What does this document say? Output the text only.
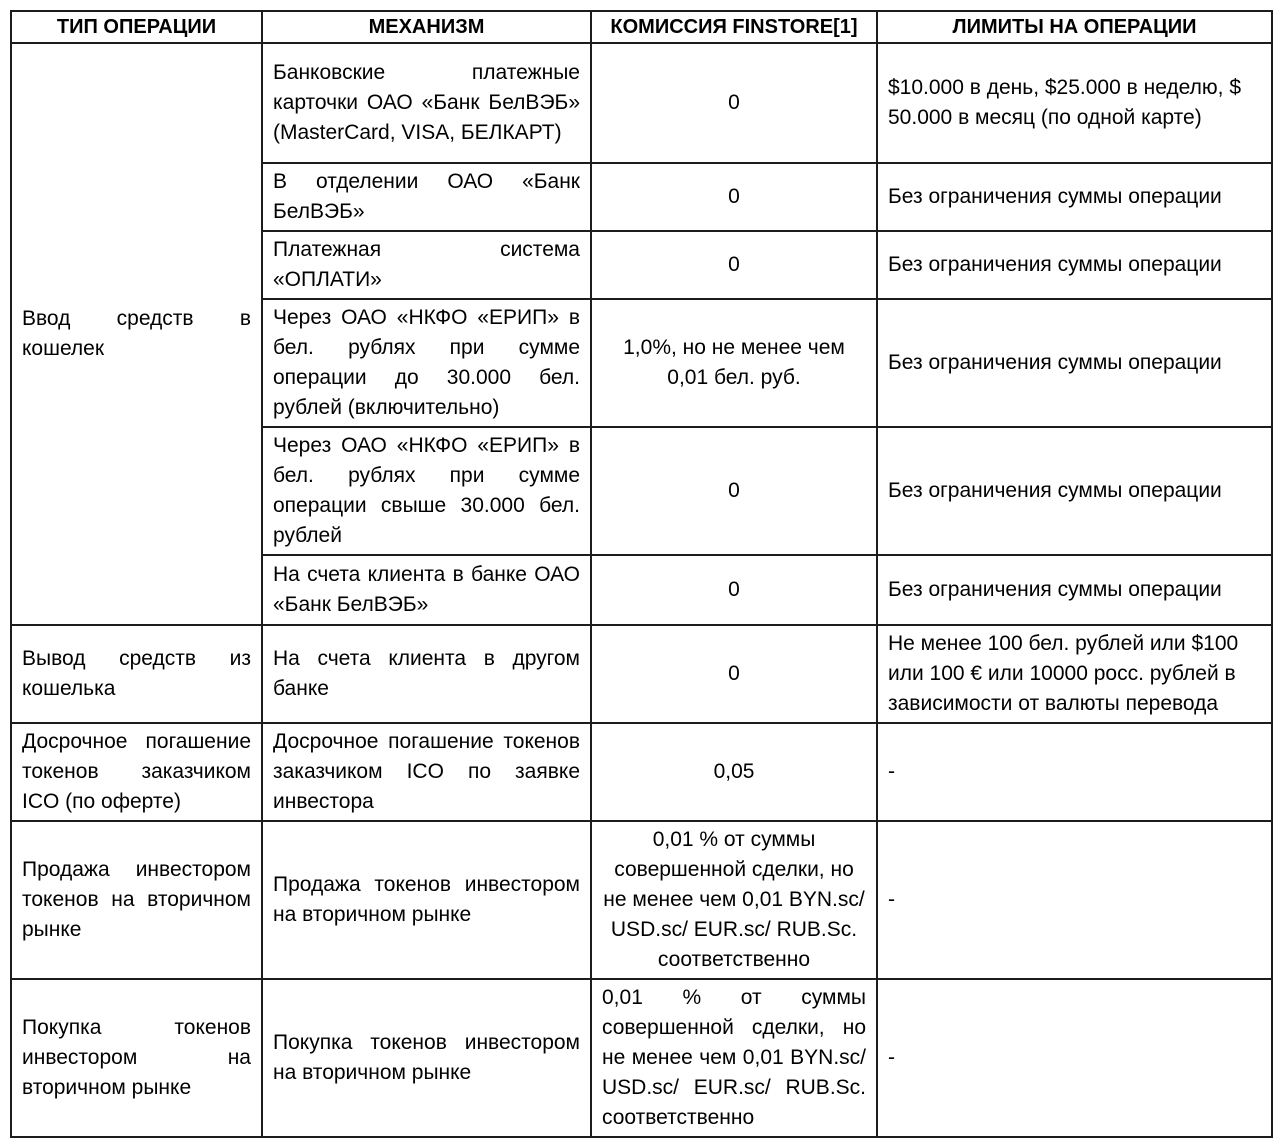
ТИП ОПЕРАЦИИ	МЕХАНИЗМ	КОМИССИЯ FINSTORE[1]	ЛИМИТЫ НА ОПЕРАЦИИ
Ввод средств в кошелек	Банковские платежные карточки ОАО «Банк БелВЭБ» (MasterCard, VISA, БЕЛКАРТ)	0	$10.000 в день, $25.000 в неделю, $ 50.000 в месяц (по одной карте)
	В отделении ОАО «Банк БелВЭБ»	0	Без ограничения суммы операции
	Платежная система «ОПЛАТИ»	0	Без ограничения суммы операции
	Через ОАО «НКФО «ЕРИП» в бел. рублях при сумме операции до 30.000 бел. рублей (включительно)	1,0%, но не менее чем 0,01 бел. руб.	Без ограничения суммы операции
	Через ОАО «НКФО «ЕРИП» в бел. рублях при сумме операции свыше 30.000 бел. рублей	0	Без ограничения суммы операции
	На счета клиента в банке ОАО «Банк БелВЭБ»	0	Без ограничения суммы операции
Вывод средств из кошелька	На счета клиента в другом банке	0	Не менее 100 бел. рублей или $100 или 100 € или 10000 росс. рублей в зависимости от валюты перевода
Досрочное погашение токенов заказчиком ICO (по оферте)	Досрочное погашение токенов заказчиком ICO по заявке инвестора	0,05	-
Продажа инвестором токенов на вторичном рынке	Продажа токенов инвестором на вторичном рынке	0,01 % от суммы совершенной сделки, но не менее чем 0,01 BYN.sc/ USD.sc/ EUR.sc/ RUB.Sc. соответственно	-
Покупка токенов инвестором на вторичном рынке	Покупка токенов инвестором на вторичном рынке	0,01 % от суммы совершенной сделки, но не менее чем 0,01 BYN.sc/ USD.sc/ EUR.sc/ RUB.Sc. соответственно	-
